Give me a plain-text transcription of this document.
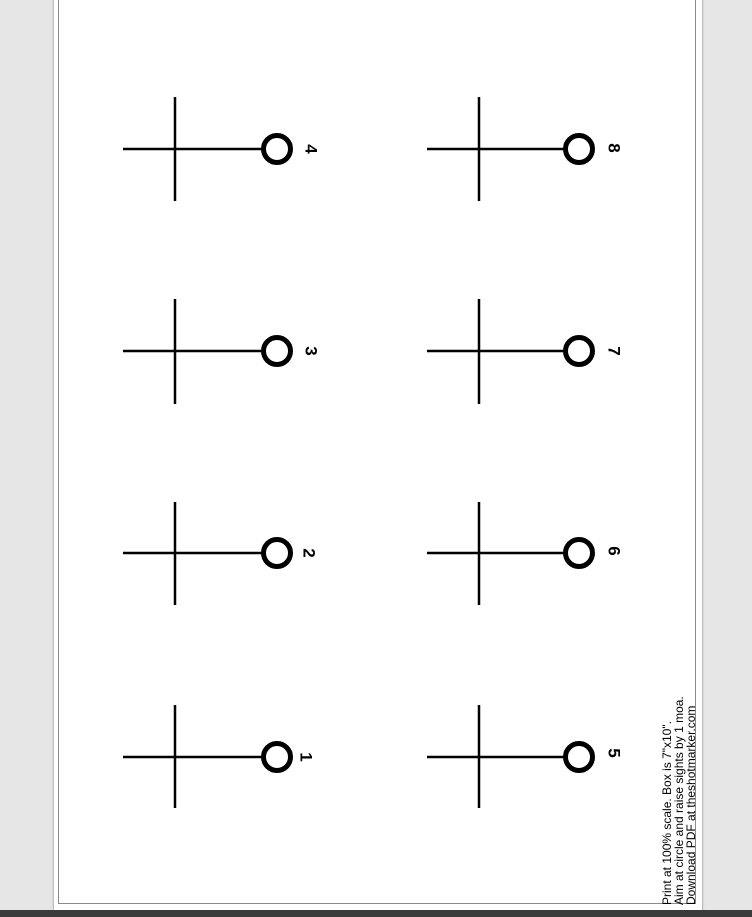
1
2
3
4
5
6
7
8
Print at 100% scale. Box is 7"x10".
Aim at circle and raise sights by 1 moa.
Download PDF at theshotmarker.com
